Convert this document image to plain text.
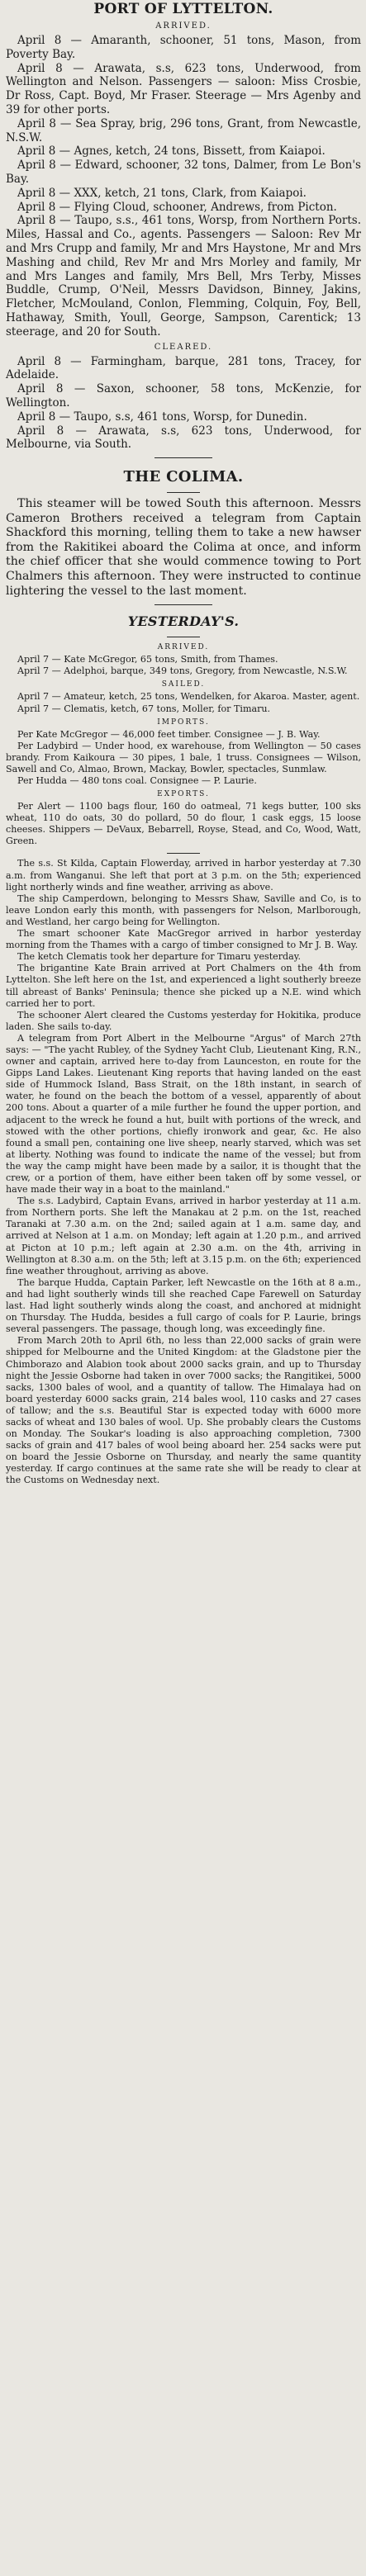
PORT OF LYTTELTON.
ARRIVED.

April 8 — Amaranth, schooner, 51 tons, Mason, from Poverty Bay.

April 8 — Arawata, s.s, 623 tons, Underwood, from Wellington and Nelson. Passengers — saloon: Miss Crosbie, Dr Ross, Capt. Boyd, Mr Fraser. Steerage — Mrs Agenby and 39 for other ports.

April 8 — Sea Spray, brig, 296 tons, Grant, from Newcastle, N.S.W.

April 8 — Agnes, ketch, 24 tons, Bissett, from Kaiapoi.

April 8 — Edward, schooner, 32 tons, Dalmer, from Le Bon's Bay.

April 8 — XXX, ketch, 21 tons, Clark, from Kaiapoi.

April 8 — Flying Cloud, schooner, Andrews, from Picton.

April 8 — Taupo, s.s., 461 tons, Worsp, from Northern Ports. Miles, Hassal and Co., agents. Passengers — Saloon: Rev Mr and Mrs Crupp and family, Mr and Mrs Haystone, Mr and Mrs Mashing and child, Rev Mr and Mrs Morley and family, Mr and Mrs Langes and family, Mrs Bell, Mrs Terby, Misses Buddle, Crump, O'Neil, Messrs Davidson, Binney, Jakins, Fletcher, McMouland, Conlon, Flemming, Colquin, Foy, Bell, Hathaway, Smith, Youll, George, Sampson, Carentick; 13 steerage, and 20 for South.

CLEARED.

April 8 — Farmingham, barque, 281 tons, Tracey, for Adelaide.

April 8 — Saxon, schooner, 58 tons, McKenzie, for Wellington.

April 8 — Taupo, s.s, 461 tons, Worsp, for Dunedin.

April 8 — Arawata, s.s, 623 tons, Underwood, for Melbourne, via South.

THE COLIMA.

This steamer will be towed South this afternoon. Messrs Cameron Brothers received a telegram from Captain Shackford this morning, telling them to take a new hawser from the Rakitikei aboard the Colima at once, and inform the chief officer that she would commence towing to Port Chalmers this afternoon. They were instructed to continue lightering the vessel to the last moment.

YESTERDAY'S.
ARRIVED.

April 7 — Kate McGregor, 65 tons, Smith, from Thames.

April 7 — Adelphoi, barque, 349 tons, Gregory, from Newcastle, N.S.W.

SAILED.

April 7 — Amateur, ketch, 25 tons, Wendelken, for Akaroa. Master, agent.

April 7 — Clematis, ketch, 67 tons, Moller, for Timaru.

IMPORTS.

Per Kate McGregor — 46,000 feet timber. Consignee — J. B. Way.

Per Ladybird — Under hood, ex warehouse, from Wellington — 50 cases brandy. From Kaikoura — 30 pipes, 1 bale, 1 truss. Consignees — Wilson, Sawell and Co, Almao, Brown, Mackay, Bowler, spectacles, Sunmlaw.

Per Hudda — 480 tons coal. Consignee — P. Laurie.

EXPORTS.

Per Alert — 1100 bags flour, 160 do oatmeal, 71 kegs butter, 100 sks wheat, 110 do oats, 30 do pollard, 50 do flour, 1 cask eggs, 15 loose cheeses. Shippers — DeVaux, Bebarrell, Royse, Stead, and Co, Wood, Watt, Green.

The s.s. St Kilda, Captain Flowerday, arrived in harbor yesterday at 7.30 a.m. from Wanganui. She left that port at 3 p.m. on the 5th; experienced light northerly winds and fine weather, arriving as above.

The ship Camperdown, belonging to Messrs Shaw, Saville and Co, is to leave London early this month, with passengers for Nelson, Marlborough, and Westland, her cargo being for Wellington.

The smart schooner Kate MacGregor arrived in harbor yesterday morning from the Thames with a cargo of timber consigned to Mr J. B. Way.

The ketch Clematis took her departure for Timaru yesterday.

The brigantine Kate Brain arrived at Port Chalmers on the 4th from Lyttelton. She left here on the 1st, and experienced a light southerly breeze till abreast of Banks' Peninsula; thence she picked up a N.E. wind which carried her to port.

The schooner Alert cleared the Customs yesterday for Hokitika, produce laden. She sails to-day.

A telegram from Port Albert in the Melbourne "Argus" of March 27th says: — "The yacht Rubley, of the Sydney Yacht Club, Lieutenant King, R.N., owner and captain, arrived here to-day from Launceston, en route for the Gipps Land Lakes. Lieutenant King reports that having landed on the east side of Hummock Island, Bass Strait, on the 18th instant, in search of water, he found on the beach the bottom of a vessel, apparently of about 200 tons. About a quarter of a mile further he found the upper portion, and adjacent to the wreck he found a hut, built with portions of the wreck, and stowed with the other portions, chiefly ironwork and gear, &c. He also found a small pen, containing one live sheep, nearly starved, which was set at liberty. Nothing was found to indicate the name of the vessel; but from the way the camp might have been made by a sailor, it is thought that the crew, or a portion of them, have either been taken off by some vessel, or have made their way in a boat to the mainland."

The s.s. Ladybird, Captain Evans, arrived in harbor yesterday at 11 a.m. from Northern ports. She left the Manakau at 2 p.m. on the 1st, reached Taranaki at 7.30 a.m. on the 2nd; sailed again at 1 a.m. same day, and arrived at Nelson at 1 a.m. on Monday; left again at 1.20 p.m., and arrived at Picton at 10 p.m.; left again at 2.30 a.m. on the 4th, arriving in Wellington at 8.30 a.m. on the 5th; left at 3.15 p.m. on the 6th; experienced fine weather throughout, arriving as above.

The barque Hudda, Captain Parker, left Newcastle on the 16th at 8 a.m., and had light southerly winds till she reached Cape Farewell on Saturday last. Had light southerly winds along the coast, and anchored at midnight on Thursday. The Hudda, besides a full cargo of coals for P. Laurie, brings several passengers. The passage, though long, was exceedingly fine.

From March 20th to April 6th, no less than 22,000 sacks of grain were shipped for Melbourne and the United Kingdom: at the Gladstone pier the Chimborazo and Alabion took about 2000 sacks grain, and up to Thursday night the Jessie Osborne had taken in over 7000 sacks; the Rangitikei, 5000 sacks, 1300 bales of wool, and a quantity of tallow. The Himalaya had on board yesterday 6000 sacks grain, 214 bales wool, 110 casks and 27 cases of tallow; and the s.s. Beautiful Star is expected today with 6000 more sacks of wheat and 130 bales of wool. Up. She probably clears the Customs on Monday. The Soukar's loading is also approaching completion, 7300 sacks of grain and 417 bales of wool being aboard her. 254 sacks were put on board the Jessie Osborne on Thursday, and nearly the same quantity yesterday. If cargo continues at the same rate she will be ready to clear at the Customs on Wednesday next.
